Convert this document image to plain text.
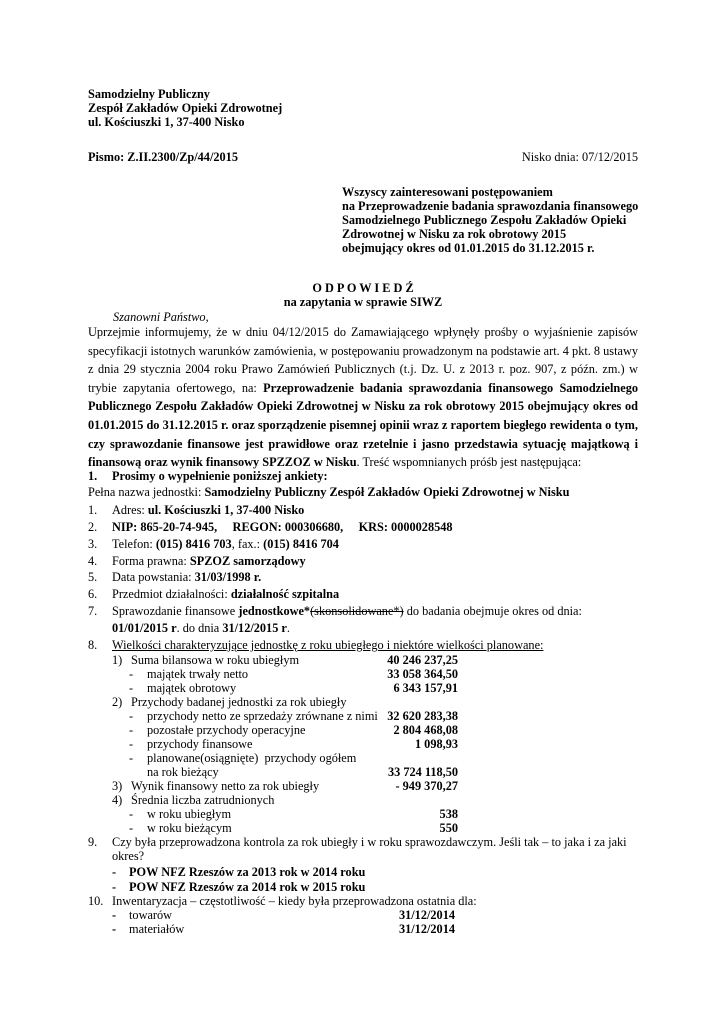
Samodzielny Publiczny
Zespół Zakładów Opieki Zdrowotnej
ul. Kościuszki 1, 37-400 Nisko
Pismo: Z.II.2300/Zp/44/2015	Nisko dnia: 07/12/2015
Wszyscy zainteresowani postępowaniem
na Przeprowadzenie badania sprawozdania finansowego
Samodzielnego Publicznego Zespołu Zakładów Opieki
Zdrowotnej w Nisku za rok obrotowy 2015
obejmujący okres od 01.01.2015 do 31.12.2015 r.
O D P O W I E D Ź
na zapytania w sprawie SIWZ
Szanowni Państwo,
Uprzejmie informujemy, że w dniu 04/12/2015 do Zamawiającego wpłynęły prośby o wyjaśnienie zapisów specyfikacji istotnych warunków zamówienia, w postępowaniu prowadzonym na podstawie art. 4 pkt. 8 ustawy z dnia 29 stycznia 2004 roku Prawo Zamówień Publicznych (t.j. Dz. U. z 2013 r. poz. 907, z późn. zm.) w trybie zapytania ofertowego, na: Przeprowadzenie badania sprawozdania finansowego Samodzielnego Publicznego Zespołu Zakładów Opieki Zdrowotnej w Nisku za rok obrotowy 2015 obejmujący okres od 01.01.2015 do 31.12.2015 r. oraz sporządzenie pisemnej opinii wraz z raportem biegłego rewidenta o tym, czy sprawozdanie finansowe jest prawidłowe oraz rzetelnie i jasno przedstawia sytuację majątkową i finansową oraz wynik finansowy SPZZOZ w Nisku. Treść wspomnianych próśb jest następująca:
1. Prosimy o wypełnienie poniższej ankiety:
Pełna nazwa jednostki: Samodzielny Publiczny Zespół Zakładów Opieki Zdrowotnej w Nisku
1. Adres: ul. Kościuszki 1, 37-400 Nisko
2. NIP: 865-20-74-945,     REGON: 000306680,     KRS: 0000028548
3. Telefon: (015) 8416 703, fax.: (015) 8416 704
4. Forma prawna: SPZOZ samorządowy
5. Data powstania: 31/03/1998 r.
6. Przedmiot działalności: działalność szpitalna
7. Sprawozdanie finansowe jednostkowe*(skonsolidowane*) do badania obejmuje okres od dnia:
01/01/2015 r. do dnia 31/12/2015 r.
8. Wielkości charakteryzujące jednostkę z roku ubiegłego i niektóre wielkości planowane:
1) Suma bilansowa w roku ubiegłym	40 246 237,25
- majątek trwały netto	33 058 364,50
- majątek obrotowy	6 343 157,91
2) Przychody badanej jednostki za rok ubiegły
- przychody netto ze sprzedaży zrównane z nimi 32 620 283,38
- pozostałe przychody operacyjne	2 804 468,08
- przychody finansowe	1 098,93
- planowane(osiągnięte)  przychody ogółem
na rok bieżący	33 724 118,50
3) Wynik finansowy netto za rok ubiegły	- 949 370,27
4) Średnia liczba zatrudnionych
- w roku ubiegłym	538
- w roku bieżącym	550
9. Czy była przeprowadzona kontrola za rok ubiegły i w roku sprawozdawczym. Jeśli tak – to jaka i za jaki
okres?
- POW NFZ Rzeszów za 2013 rok w 2014 roku
- POW NFZ Rzeszów za 2014 rok w 2015 roku
10. Inwentaryzacja – częstotliwość – kiedy była przeprowadzona ostatnia dla:
- towarów	31/12/2014
- materiałów	31/12/2014
